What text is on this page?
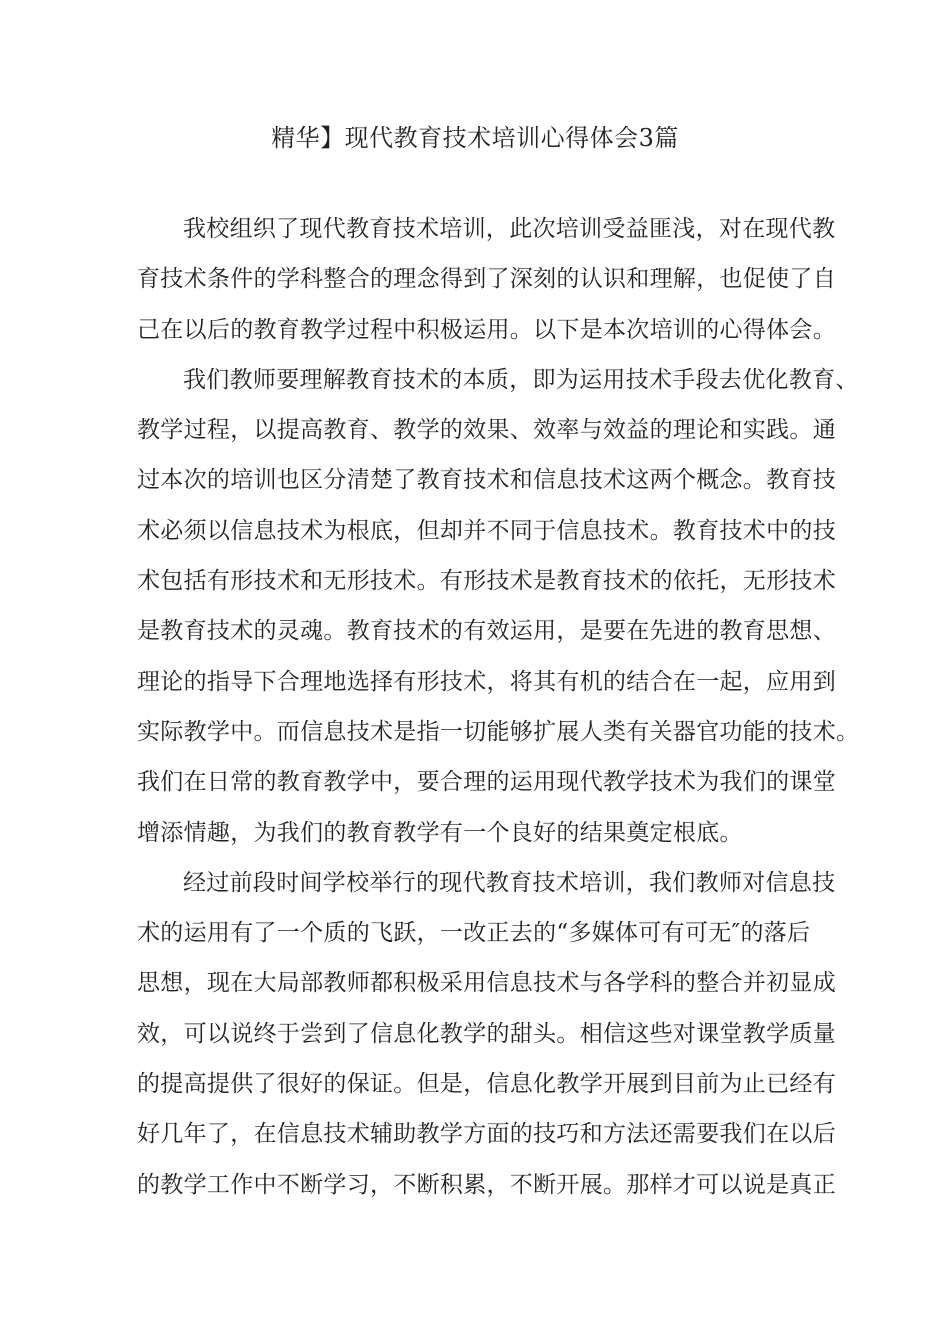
精华】现代教育技术培训心得体会3篇

我校组织了现代教育技术培训，此次培训受益匪浅，对在现代教
育技术条件的学科整合的理念得到了深刻的认识和理解，也促使了自
己在以后的教育教学过程中积极运用。以下是本次培训的心得体会。

我们教师要理解教育技术的本质，即为运用技术手段去优化教育、
教学过程，以提高教育、教学的效果、效率与效益的理论和实践。通
过本次的培训也区分清楚了教育技术和信息技术这两个概念。教育技
术必须以信息技术为根底，但却并不同于信息技术。教育技术中的技
术包括有形技术和无形技术。有形技术是教育技术的依托，无形技术
是教育技术的灵魂。教育技术的有效运用，是要在先进的教育思想、
理论的指导下合理地选择有形技术，将其有机的结合在一起，应用到
实际教学中。而信息技术是指一切能够扩展人类有关器官功能的技术。
我们在日常的教育教学中，要合理的运用现代教学技术为我们的课堂
增添情趣，为我们的教育教学有一个良好的结果奠定根底。

经过前段时间学校举行的现代教育技术培训，我们教师对信息技
术的运用有了一个质的飞跃，一改正去的“多媒体可有可无″的落后
思想，现在大局部教师都积极采用信息技术与各学科的整合并初显成
效，可以说终于尝到了信息化教学的甜头。相信这些对课堂教学质量
的提高提供了很好的保证。但是，信息化教学开展到目前为止已经有
好几年了，在信息技术辅助教学方面的技巧和方法还需要我们在以后
的教学工作中不断学习，不断积累，不断开展。那样才可以说是真正
